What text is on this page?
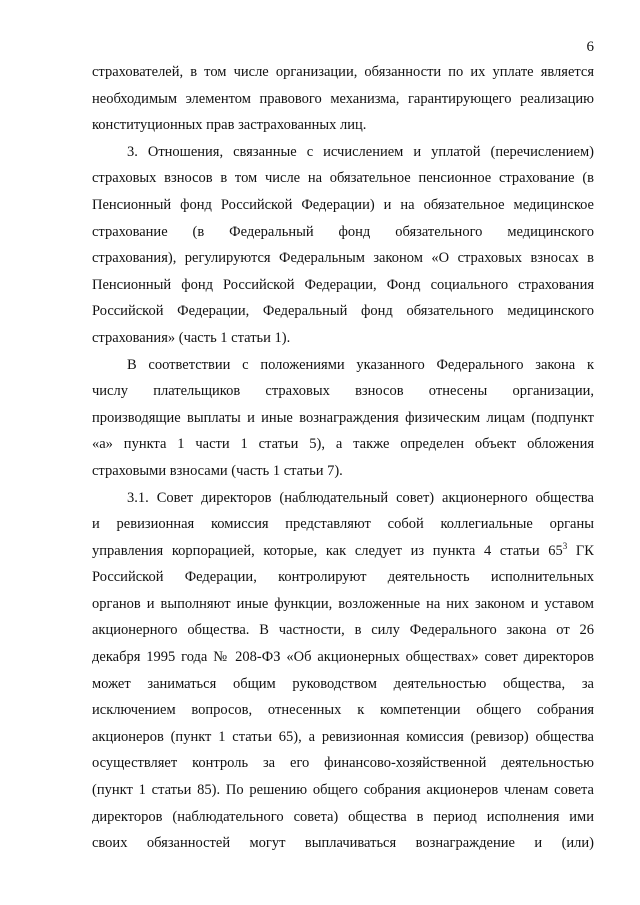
6
страхователей, в том числе организации, обязанности по их уплате является
необходимым элементом правового механизма, гарантирующего реализацию
конституционных прав застрахованных лиц.
3. Отношения, связанные с исчислением и уплатой (перечислением)
страховых взносов в том числе на обязательное пенсионное страхование (в
Пенсионный фонд Российской Федерации) и на обязательное медицинское
страхование (в Федеральный фонд обязательного медицинского
страхования), регулируются Федеральным законом «О страховых взносах в
Пенсионный фонд Российской Федерации, Фонд социального страхования
Российской Федерации, Федеральный фонд обязательного медицинского
страхования» (часть 1 статьи 1).
В соответствии с положениями указанного Федерального закона к
числу плательщиков страховых взносов отнесены организации,
производящие выплаты и иные вознаграждения физическим лицам (подпункт
«а» пункта 1 части 1 статьи 5), а также определен объект обложения
страховыми взносами (часть 1 статьи 7).
3.1. Совет директоров (наблюдательный совет) акционерного общества
и ревизионная комиссия представляют собой коллегиальные органы
управления корпорацией, которые, как следует из пункта 4 статьи $65^3$ ГК
Российской Федерации, контролируют деятельность исполнительных
органов и выполняют иные функции, возложенные на них законом и уставом
акционерного общества. В частности, в силу Федерального закона от 26
декабря 1995 года № 208-ФЗ «Об акционерных обществах» совет директоров
может заниматься общим руководством деятельностью общества, за
исключением вопросов, отнесенных к компетенции общего собрания
акционеров (пункт 1 статьи 65), а ревизионная комиссия (ревизор) общества
осуществляет контроль за его финансово-хозяйственной деятельностью
(пункт 1 статьи 85). По решению общего собрания акционеров членам совета
директоров (наблюдательного совета) общества в период исполнения ими
своих обязанностей могут выплачиваться вознаграждение и (или)
